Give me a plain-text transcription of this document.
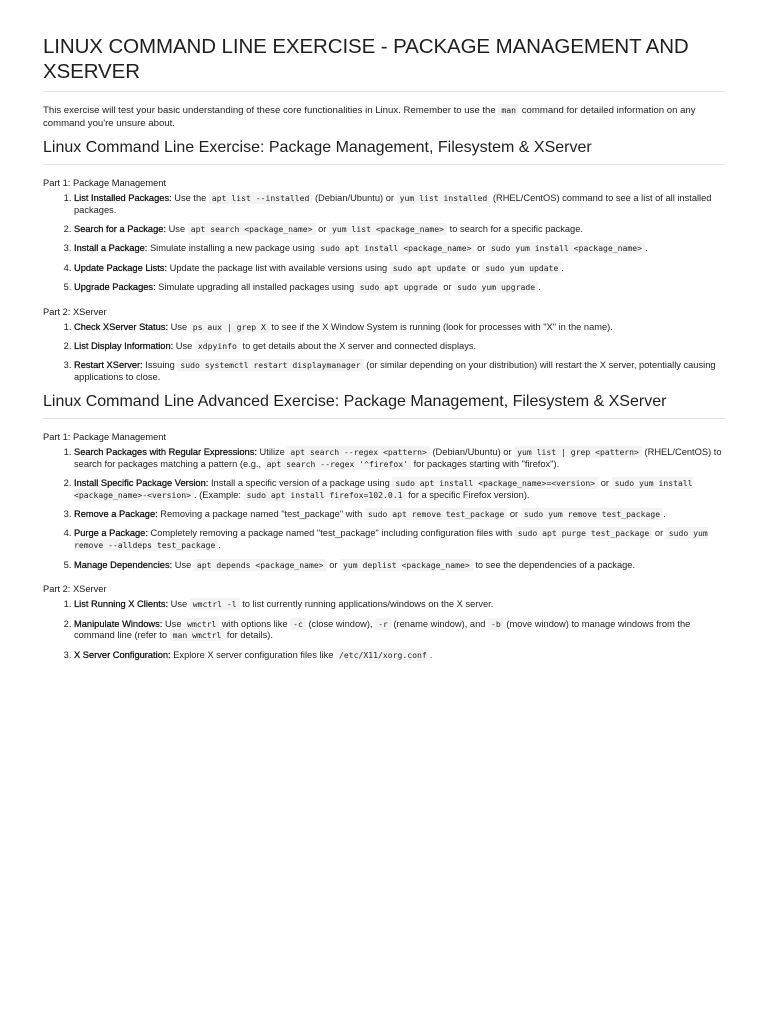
LINUX COMMAND LINE EXERCISE - PACKAGE MANAGEMENT AND XSERVER

This exercise will test your basic understanding of these core functionalities in Linux. Remember to use the man command for detailed information on any command you're unsure about.

Linux Command Line Exercise: Package Management, Filesystem & XServer
Part 1: Package Management
1. List Installed Packages: Use the apt list --installed (Debian/Ubuntu) or yum list installed (RHEL/CentOS) command to see a list of all installed packages.
2. Search for a Package: Use apt search <package_name> or yum list <package_name> to search for a specific package.
3. Install a Package: Simulate installing a new package using sudo apt install <package_name> or sudo yum install <package_name> .
4. Update Package Lists: Update the package list with available versions using sudo apt update or sudo yum update .
5. Upgrade Packages: Simulate upgrading all installed packages using sudo apt upgrade or sudo yum upgrade .
Part 2: XServer
1. Check XServer Status: Use ps aux | grep X to see if the X Window System is running (look for processes with "X" in the name).
2. List Display Information: Use xdpyinfo to get details about the X server and connected displays.
3. Restart XServer: Issuing sudo systemctl restart displaymanager (or similar depending on your distribution) will restart the X server, potentially causing applications to close.
Linux Command Line Advanced Exercise: Package Management, Filesystem & XServer
Part 1: Package Management
1. Search Packages with Regular Expressions: Utilize apt search --regex <pattern> (Debian/Ubuntu) or yum list | grep <pattern> (RHEL/CentOS) to search for packages matching a pattern (e.g., apt search --regex '^firefox' for packages starting with "firefox").
2. Install Specific Package Version: Install a specific version of a package using sudo apt install <package_name>=<version> or sudo yum install <package_name>-<version> . (Example: sudo apt install firefox=102.0.1 for a specific Firefox version).
3. Remove a Package: Removing a package named "test_package" with sudo apt remove test_package or sudo yum remove test_package .
4. Purge a Package: Completely removing a package named "test_package" including configuration files with sudo apt purge test_package or sudo yum remove --alldeps test_package .
5. Manage Dependencies: Use apt depends <package_name> or yum deplist <package_name> to see the dependencies of a package.
Part 2: XServer
1. List Running X Clients: Use wmctrl -l to list currently running applications/windows on the X server.
2. Manipulate Windows: Use wmctrl with options like -c (close window), -r (rename window), and -b (move window) to manage windows from the command line (refer to man wmctrl for details).
3. X Server Configuration: Explore X server configuration files like /etc/X11/xorg.conf .
